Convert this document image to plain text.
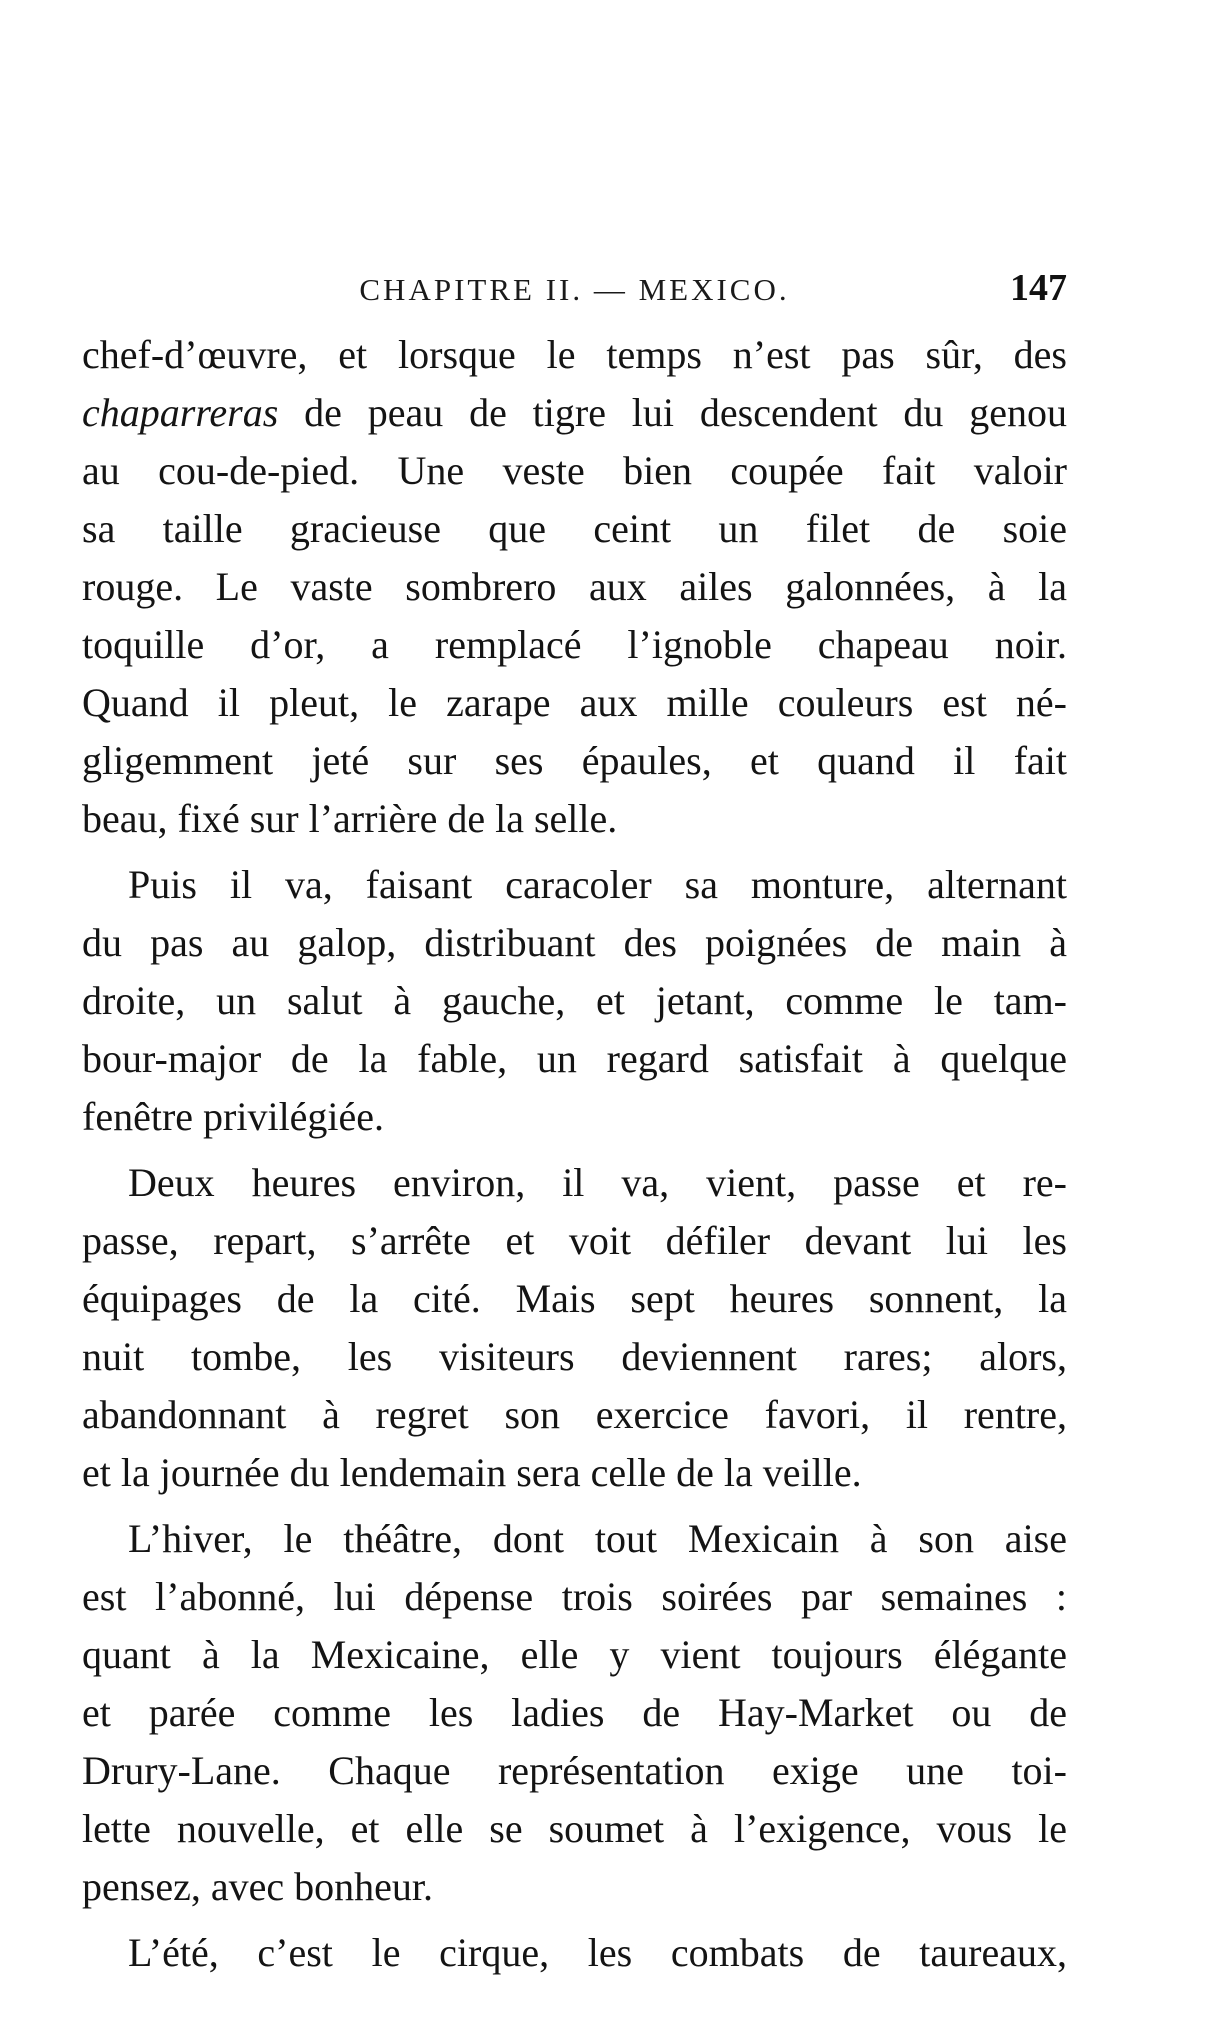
CHAPITRE II. — MEXICO.	147
chef-d’œuvre, et lorsque le temps n’est pas sûr, des
chaparreras de peau de tigre lui descendent du genou
au cou-de-pied. Une veste bien coupée fait valoir
sa taille gracieuse que ceint un filet de soie
rouge. Le vaste sombrero aux ailes galonnées, à la
toquille d’or, a remplacé l’ignoble chapeau noir.
Quand il pleut, le zarape aux mille couleurs est né-
gligemment jeté sur ses épaules, et quand il fait
beau, fixé sur l’arrière de la selle.
Puis il va, faisant caracoler sa monture, alternant
du pas au galop, distribuant des poignées de main à
droite, un salut à gauche, et jetant, comme le tam-
bour-major de la fable, un regard satisfait à quelque
fenêtre privilégiée.
Deux heures environ, il va, vient, passe et re-
passe, repart, s’arrête et voit défiler devant lui les
équipages de la cité. Mais sept heures sonnent, la
nuit tombe, les visiteurs deviennent rares; alors,
abandonnant à regret son exercice favori, il rentre,
et la journée du lendemain sera celle de la veille.
L’hiver, le théâtre, dont tout Mexicain à son aise
est l’abonné, lui dépense trois soirées par semaines :
quant à la Mexicaine, elle y vient toujours élégante
et parée comme les ladies de Hay-Market ou de
Drury-Lane. Chaque représentation exige une toi-
lette nouvelle, et elle se soumet à l’exigence, vous le
pensez, avec bonheur.
L’été, c’est le cirque, les combats de taureaux,
